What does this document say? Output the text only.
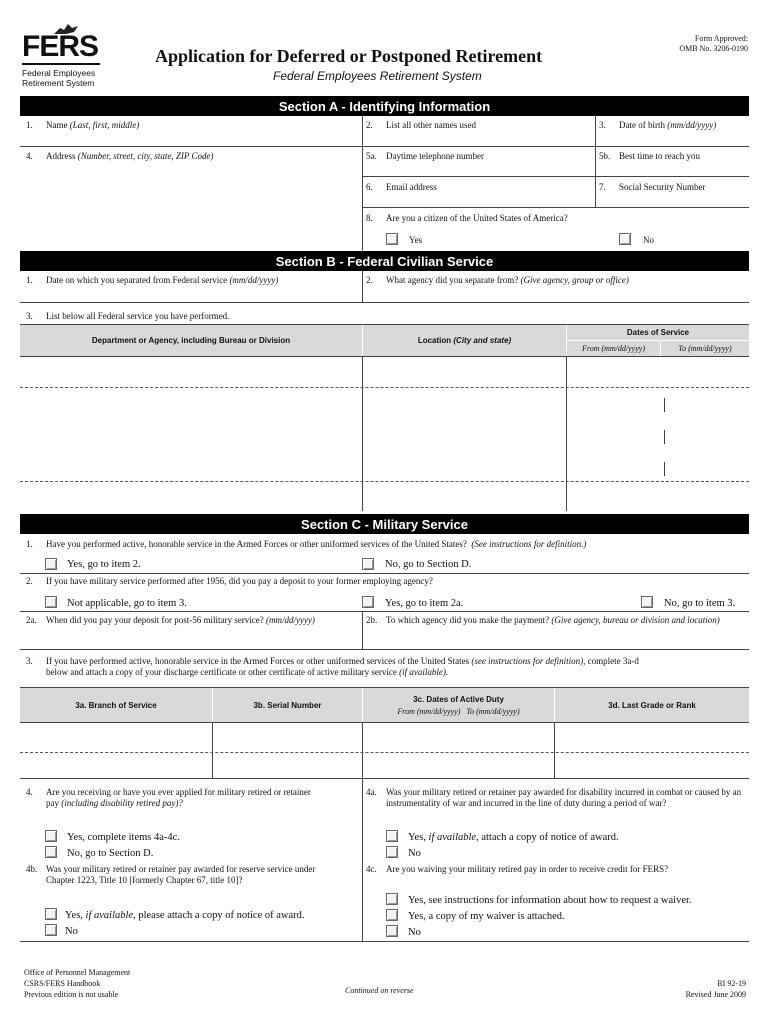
FERS
Federal Employees
Retirement System
Application for Deferred or Postponed Retirement
Federal Employees Retirement System
Form Approved:
OMB No. 3206-0190
Section A - Identifying Information
1. Name (Last, first, middle)	2. List all other names used	3. Date of birth (mm/dd/yyyy)
4. Address (Number, street, city, state, ZIP Code)	5a. Daytime telephone number	5b. Best time to reach you
6. Email address	7. Social Security Number
8. Are you a citizen of the United States of America?
Yes	No
Section B - Federal Civilian Service
1. Date on which you separated from Federal service (mm/dd/yyyy)	2. What agency did you separate from? (Give agency, group or office)
3. List below all Federal service you have performed.
Department or Agency, including Bureau or Division	Location
(City and state)
Dates of Service
From (mm/dd/yyyy)	To (mm/dd/yyyy)
Section C - Military Service
1. Have you performed active, honorable service in the Armed Forces or other uniformed services of the United States? (See instructions for definition.)
Yes, go to item 2.	No, go to Section D.
2. If you have military service performed after 1956, did you pay a deposit to your former employing agency?
Not applicable, go to item 3.	Yes, go to item 2a.	No, go to item 3.
2a. When did you pay your deposit for post-56 military service? (mm/dd/yyyy)	2b. To which agency did you make the payment? (Give agency, bureau or division and location)
3. If you have performed active, honorable service in the Armed Forces or other uniformed services of the United States (see instructions for definition), complete 3a-d
below and attach a copy of your discharge certificate or other certificate of active military service (if available).
3a. Branch of Service	3b. Serial Number
3c. Dates of Active Duty
From (mm/dd/yyyy) To (mm/dd/yyyy)
3d. Last Grade or Rank
4. Are you receiving or have you ever applied for military retired or retainer
pay (including disability retired pay)?
Yes, complete items 4a-4c.
No, go to Section D.
4a.	Was your military retired or retainer pay awarded for disability incurred in combat or caused by an instrumentality of war and incurred in the line of duty during a period of war?
Yes, if available, attach a copy of notice of award.
No
4b. Was your military retired or retainer pay awarded for reserve service under Chapter 1223, Title 10 [formerly Chapter 67, title 10]?
Yes, if available, please attach a copy of notice of award.
No
4c. Are you waiving your military retired pay in order to receive credit for FERS?
Yes, see instructions for information about how to request a waiver.
Yes, a copy of my waiver is attached.
No
Office of Personnel Management
CSRS/FERS Handbook
Previous edition is not usable	Continued on reverse
RI 92-19
Revised June 2009
